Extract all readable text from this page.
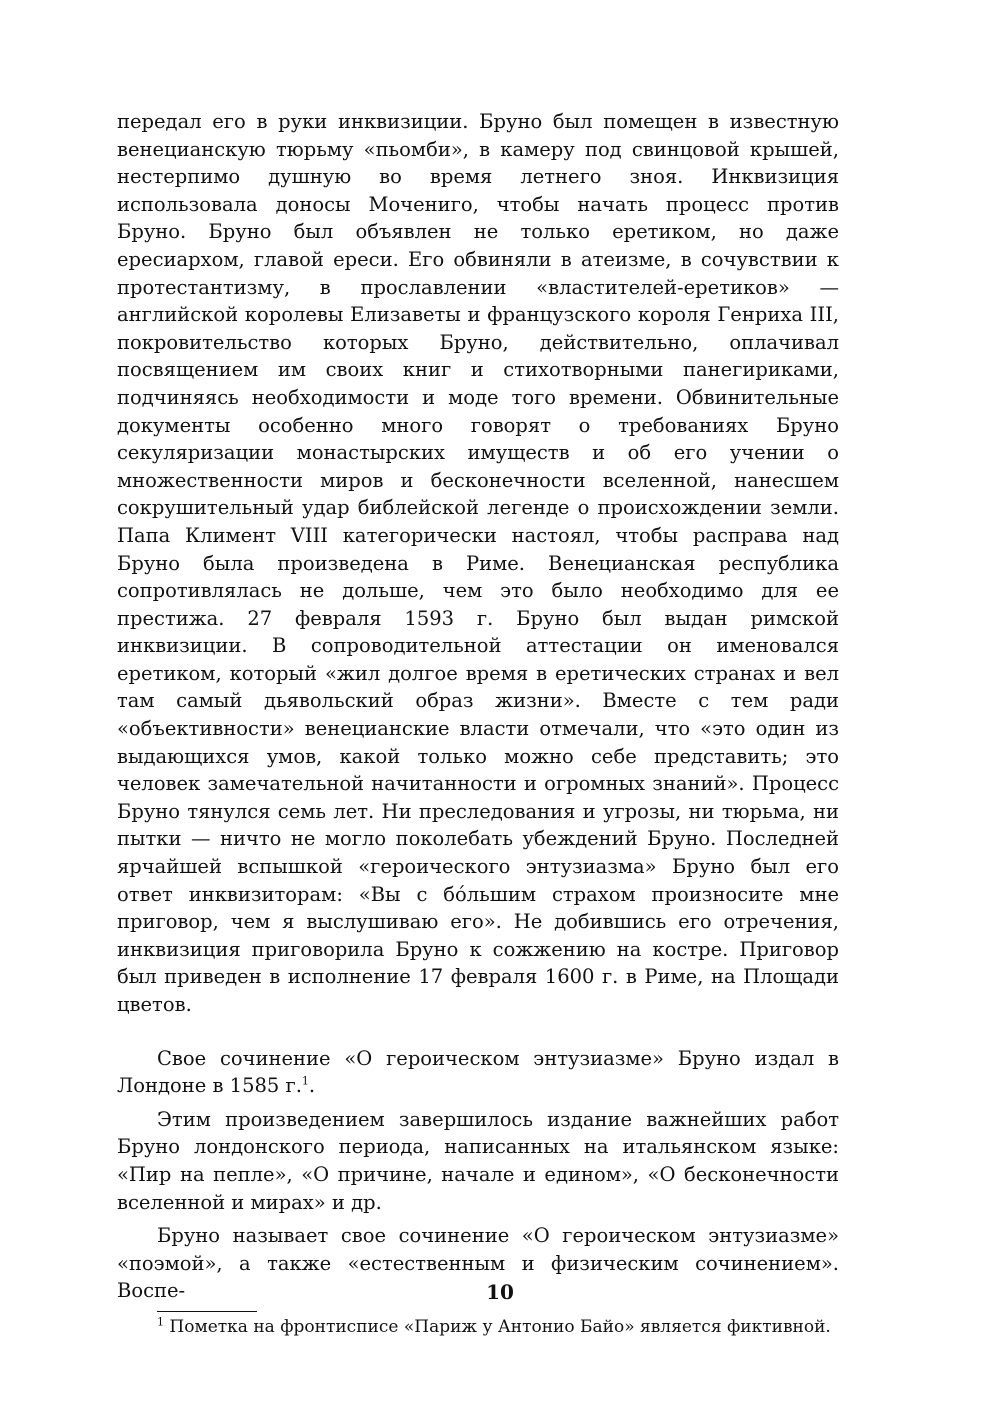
передал его в руки инквизиции. Бруно был помещен в известную венецианскую тюрьму «пьомби», в камеру под свинцовой крышей, нестерпимо душную во время летнего зноя. Инквизиция использовала доносы Мочениго, чтобы начать процесс против Бруно. Бруно был объявлен не только еретиком, но даже ересиархом, главой ереси. Его обвиняли в атеизме, в сочувствии к протестантизму, в прославлении «властителей-еретиков» — английской королевы Елизаветы и французского короля Генриха III, покровительство которых Бруно, действительно, оплачивал посвящением им своих книг и стихотворными панегириками, подчиняясь необходимости и моде того времени. Обвинительные документы особенно много говорят о требованиях Бруно секуляризации монастырских имуществ и об его учении о множественности миров и бесконечности вселенной, нанесшем сокрушительный удар библейской легенде о происхождении земли. Папа Климент VIII категорически настоял, чтобы расправа над Бруно была произведена в Риме. Венецианская республика сопротивлялась не дольше, чем это было необходимо для ее престижа. 27 февраля 1593 г. Бруно был выдан римской инквизиции. В сопроводительной аттестации он именовался еретиком, который «жил долгое время в еретических странах и вел там самый дьявольский образ жизни». Вместе с тем ради «объективности» венецианские власти отмечали, что «это один из выдающихся умов, какой только можно себе представить; это человек замечательной начитанности и огромных знаний». Процесс Бруно тянулся семь лет. Ни преследования и угрозы, ни тюрьма, ни пытки — ничто не могло поколебать убеждений Бруно. Последней ярчайшей вспышкой «героического энтузиазма» Бруно был его ответ инквизиторам: «Вы с бóльшим страхом произносите мне приговор, чем я выслушиваю его». Не добившись его отречения, инквизиция приговорила Бруно к сожжению на костре. Приговор был приведен в исполнение 17 февраля 1600 г. в Риме, на Площади цветов.

Свое сочинение «О героическом энтузиазме» Бруно издал в Лондоне в 1585 г.$^1$.

Этим произведением завершилось издание важнейших работ Бруно лондонского периода, написанных на итальянском языке: «Пир на пепле», «О причине, начале и едином», «О бесконечности вселенной и мирах» и др.

Бруно называет свое сочинение «О героическом энтузиазме» «поэмой», а также «естественным и физическим сочинением». Воспе-

$^1$ Пометка на фронтисписе «Париж у Антонио Байо» является фиктивной.

10
